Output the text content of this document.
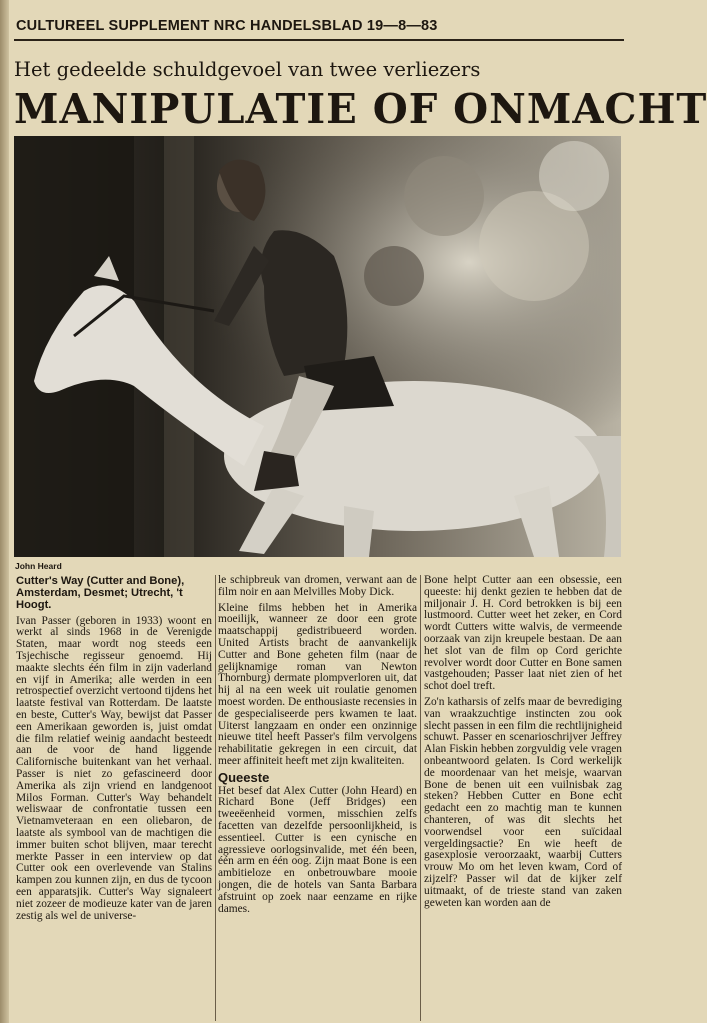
CULTUREEL SUPPLEMENT NRC HANDELSBLAD 19—8—83
Het gedeelde schuldgevoel van twee verliezers
MANIPULATIE OF ONMACHT
John Heard

Cutter's Way (Cutter and Bone), Amsterdam, Desmet; Utrecht, 't Hoogt.

Ivan Passer (geboren in 1933) woont en werkt al sinds 1968 in de Verenigde Staten, maar wordt nog steeds een Tsjechische regisseur genoemd. Hij maakte slechts één film in zijn vaderland en vijf in Amerika; alle werden in een retrospectief overzicht vertoond tijdens het laatste festival van Rotterdam. De laatste en beste, Cutter's Way, bewijst dat Passer een Amerikaan geworden is, juist omdat die film relatief weinig aandacht besteedt aan de voor de hand liggende Californische buitenkant van het verhaal. Passer is niet zo gefascineerd door Amerika als zijn vriend en landgenoot Milos Forman. Cutter's Way behandelt weliswaar de confrontatie tussen een Vietnamveteraan en een oliebaron, de laatste als symbool van de machtigen die immer buiten schot blijven, maar terecht merkte Passer in een interview op dat Cutter ook een overlevende van Stalins kampen zou kunnen zijn, en dus de tycoon een apparatsjik. Cutter's Way signaleert niet zozeer de modieuze kater van de jaren zestig als wel de universe-

le schipbreuk van dromen, verwant aan de film noir en aan Melvilles Moby Dick.

Kleine films hebben het in Amerika moeilijk, wanneer ze door een grote maatschappij gedistribueerd worden. United Artists bracht de aanvankelijk Cutter and Bone geheten film (naar de gelijknamige roman van Newton Thornburg) dermate plompverloren uit, dat hij al na een week uit roulatie genomen moest worden. De enthousiaste recensies in de gespecialiseerde pers kwamen te laat. Uiterst langzaam en onder een onzinnige nieuwe titel heeft Passer's film vervolgens rehabilitatie gekregen in een circuit, dat meer affiniteit heeft met zijn kwaliteiten.

Queeste

Het besef dat Alex Cutter (John Heard) en Richard Bone (Jeff Bridges) een tweeëenheid vormen, misschien zelfs facetten van dezelfde persoonlijkheid, is essentieel. Cutter is een cynische en agressieve oorlogsinvalide, met één been, één arm en één oog. Zijn maat Bone is een ambitieloze en onbetrouwbare mooie jongen, die de hotels van Santa Barbara afstruint op zoek naar eenzame en rijke dames.

Bone helpt Cutter aan een obsessie, een queeste: hij denkt gezien te hebben dat de miljonair J. H. Cord betrokken is bij een lustmoord. Cutter weet het zeker, en Cord wordt Cutters witte walvis, de vermeende oorzaak van zijn kreupele bestaan. De aan het slot van de film op Cord gerichte revolver wordt door Cutter en Bone samen vastgehouden; Passer laat niet zien of het schot doel treft.

Zo'n katharsis of zelfs maar de bevrediging van wraakzuchtige instincten zou ook slecht passen in een film die rechtlijnigheid schuwt. Passer en scenarioschrijver Jeffrey Alan Fiskin hebben zorgvuldig vele vragen onbeantwoord gelaten. Is Cord werkelijk de moordenaar van het meisje, waarvan Bone de benen uit een vuilnisbak zag steken? Hebben Cutter en Bone echt gedacht een zo machtig man te kunnen chanteren, of was dit slechts het voorwendsel voor een suïcidaal vergeldingsactie? En wie heeft de gasexplosie veroorzaakt, waarbij Cutters vrouw Mo om het leven kwam, Cord of zijzelf? Passer wil dat de kijker zelf uitmaakt, of de trieste stand van zaken geweten kan worden aan de
